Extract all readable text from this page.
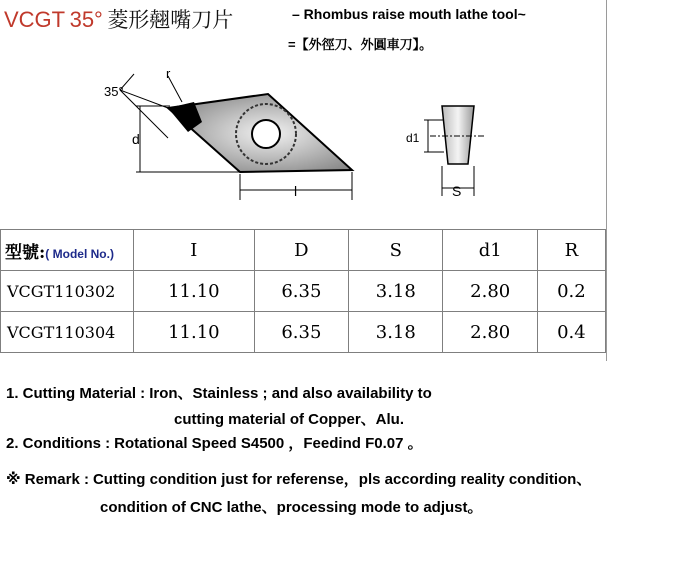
VCGT 35° 菱形翹嘴刀片	– Rhombus raise mouth lathe tool~
=【外徑刀、外圓車刀】。
35°
r
d
l
d1
S
型號:( Model No.)	I	D	S	d1	R
VCGT110302	11.10	6.35	3.18	2.80	0.2
VCGT110304	11.10	6.35	3.18	2.80	0.4
1. Cutting Material : Iron、Stainless ; and also availability to
cutting material of Copper、Alu.
2. Conditions : Rotational Speed S4500 ，Feedind F0.07 。
※ Remark : Cutting condition just for referense，pls according reality condition、
condition of CNC lathe、processing mode to adjust。
